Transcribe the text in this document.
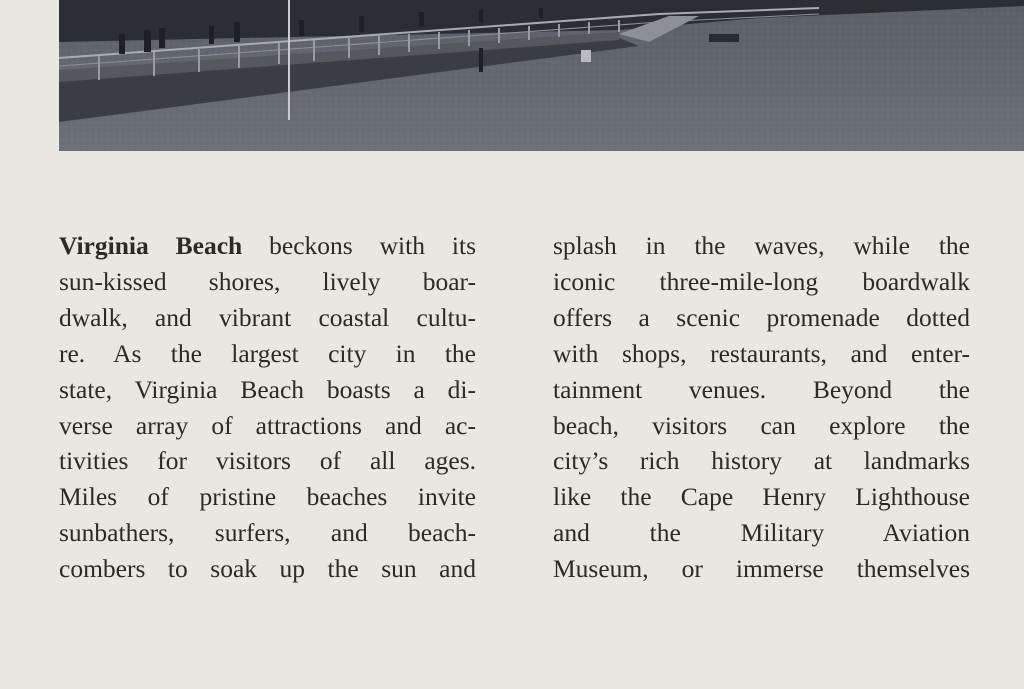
Virginia Beach beckons with its
sun-kissed shores, lively boar-
dwalk, and vibrant coastal cultu-
re. As the largest city in the
state, Virginia Beach boasts a di-
verse array of attractions and ac-
tivities for visitors of all ages.
Miles of pristine beaches invite
sunbathers, surfers, and beach-
combers to soak up the sun and
splash in the waves, while the
iconic three-mile-long boardwalk
offers a scenic promenade dotted
with shops, restaurants, and enter-
tainment venues. Beyond the
beach, visitors can explore the
city’s rich history at landmarks
like the Cape Henry Lighthouse
and the Military Aviation
Museum, or immerse themselves
